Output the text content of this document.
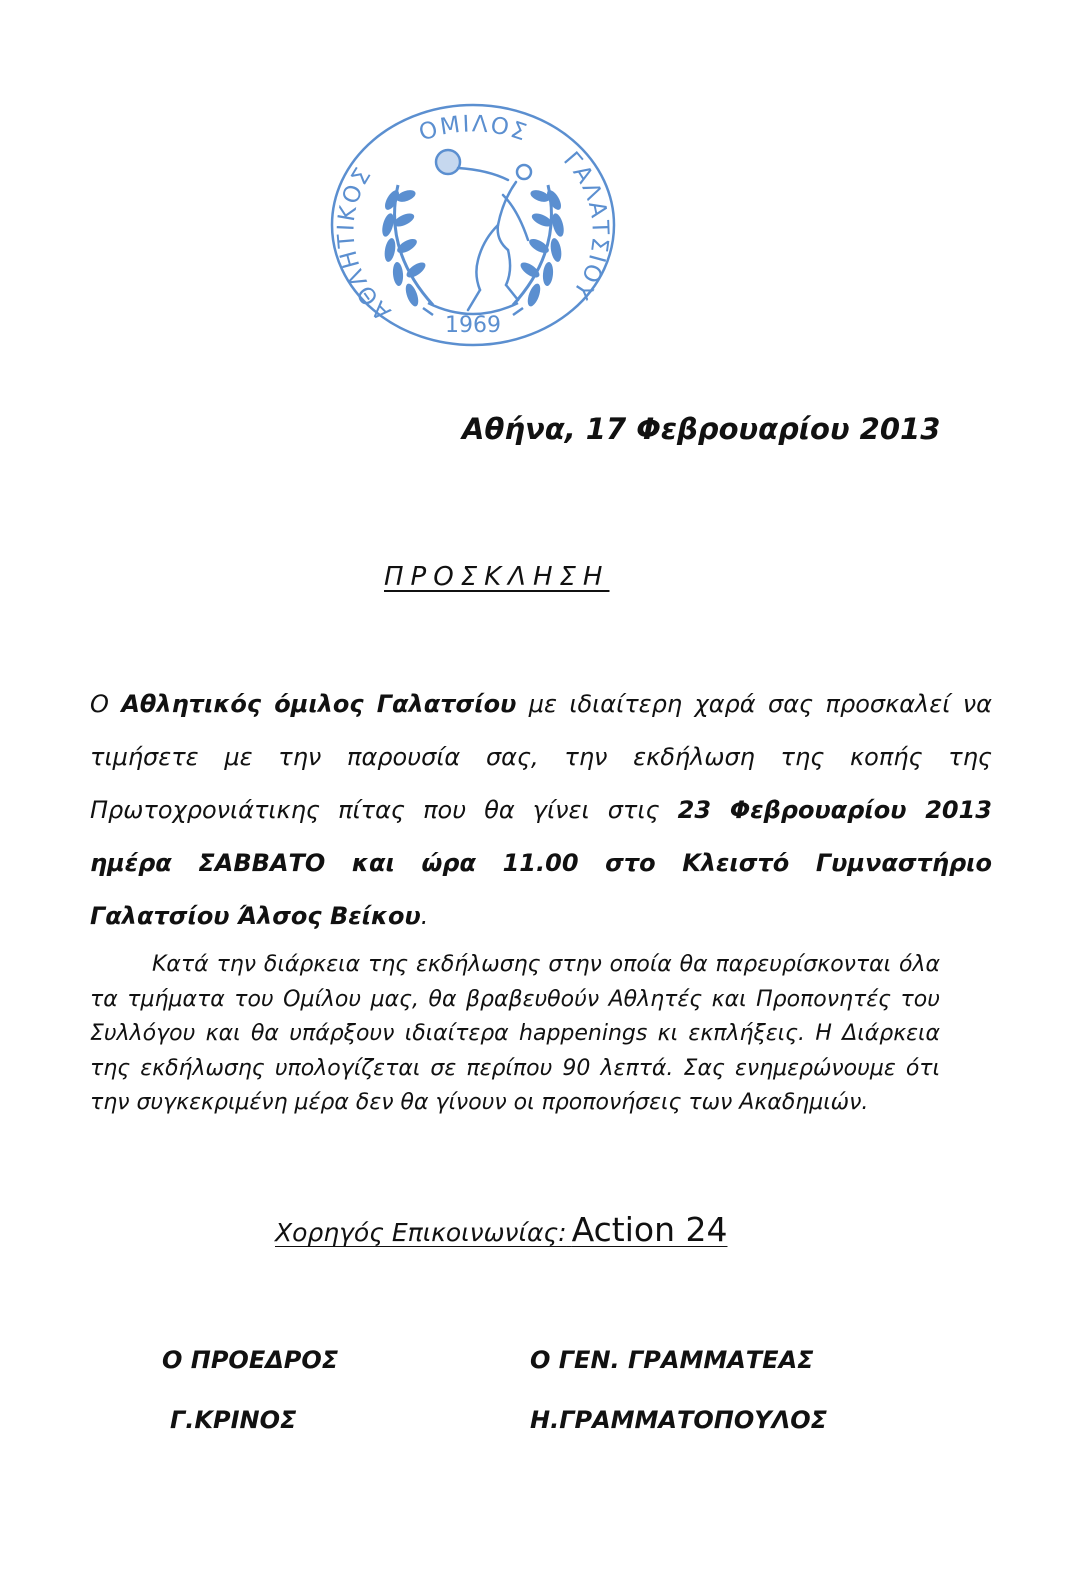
ΑΘΛΗΤΙΚΟΣ
ΟΜΙΛΟΣ
ΓΑΛΑΤΣΙΟΥ
1969
Αθήνα, 17 Φεβρουαρίου 2013
ΠΡΟΣΚΛΗΣΗ
Ο Αθλητικός όμιλος Γαλατσίου με ιδιαίτερη χαρά σας προσκαλεί να τιμήσετε με την παρουσία σας, την εκδήλωση της κοπής της Πρωτοχρονιάτικης πίτας που θα γίνει στις 23 Φεβρουαρίου 2013 ημέρα ΣΑΒΒΑΤΟ και ώρα 11.00 στο Κλειστό Γυμναστήριο Γαλατσίου Άλσος Βείκου.
Κατά την διάρκεια της εκδήλωσης στην οποία θα παρευρίσκονται όλα τα τμήματα του Ομίλου μας, θα βραβευθούν Αθλητές και Προπονητές του Συλλόγου και θα υπάρξουν ιδιαίτερα happenings κι εκπλήξεις. Η Διάρκεια της εκδήλωσης υπολογίζεται σε περίπου 90 λεπτά. Σας ενημερώνουμε ότι την συγκεκριμένη μέρα δεν θα γίνουν οι προπονήσεις των Ακαδημιών.
Χορηγός Επικοινωνίας: Action 24
Ο ΠΡΟΕΔΡΟΣ
Γ.ΚΡΙΝΟΣ
Ο ΓΕΝ. ΓΡΑΜΜΑΤΕΑΣ
Η.ΓΡΑΜΜΑΤΟΠΟΥΛΟΣ
